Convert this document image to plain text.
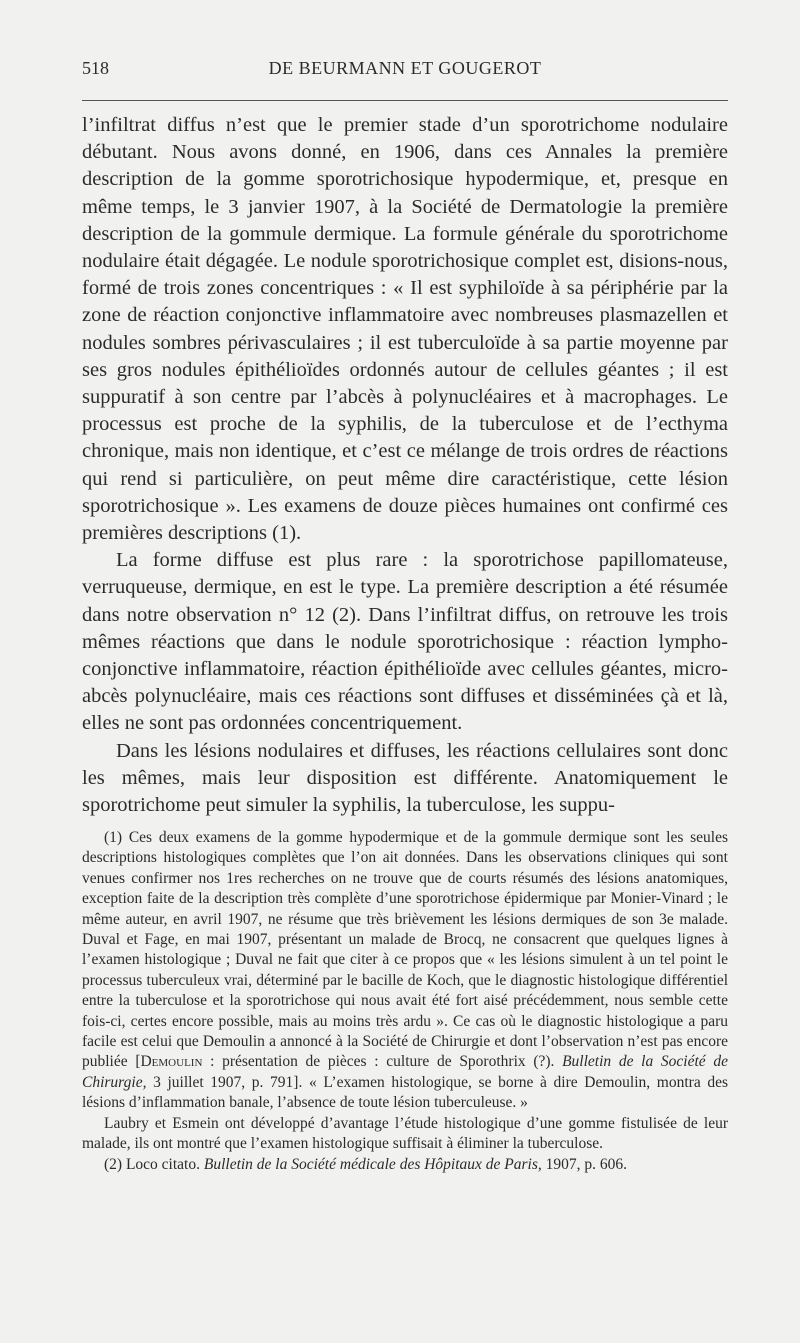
518	DE BEURMANN ET GOUGEROT

l’infiltrat diffus n’est que le premier stade d’un sporotrichome nodulaire débutant. Nous avons donné, en 1906, dans ces Annales la première description de la gomme sporotrichosique hypodermique, et, presque en même temps, le 3 janvier 1907, à la Société de Dermatologie la première description de la gommule dermique. La formule générale du sporotrichome nodulaire était dégagée. Le nodule sporotrichosique complet est, disions-nous, formé de trois zones concentriques : « Il est syphiloïde à sa périphérie par la zone de réaction conjonctive inflammatoire avec nombreuses plasmazellen et nodules sombres périvasculaires ; il est tuberculoïde à sa partie moyenne par ses gros nodules épithélioïdes ordonnés autour de cellules géantes ; il est suppuratif à son centre par l’abcès à polynucléaires et à macrophages. Le processus est proche de la syphilis, de la tuberculose et de l’ecthyma chronique, mais non identique, et c’est ce mélange de trois ordres de réactions qui rend si particulière, on peut même dire caractéristique, cette lésion sporotrichosique ». Les examens de douze pièces humaines ont confirmé ces premières descriptions (1).

La forme diffuse est plus rare : la sporotrichose papillomateuse, verruqueuse, dermique, en est le type. La première description a été résumée dans notre observation n° 12 (2). Dans l’infiltrat diffus, on retrouve les trois mêmes réactions que dans le nodule sporotrichosique : réaction lympho-conjonctive inflammatoire, réaction épithélioïde avec cellules géantes, micro-abcès polynucléaire, mais ces réactions sont diffuses et disséminées çà et là, elles ne sont pas ordonnées concentriquement.

Dans les lésions nodulaires et diffuses, les réactions cellulaires sont donc les mêmes, mais leur disposition est différente. Anatomiquement le sporotrichome peut simuler la syphilis, la tuberculose, les suppu-

(1) Ces deux examens de la gomme hypodermique et de la gommule dermique sont les seules descriptions histologiques complètes que l’on ait données. Dans les observations cliniques qui sont venues confirmer nos 1res recherches on ne trouve que de courts résumés des lésions anatomiques, exception faite de la description très complète d’une sporotrichose épidermique par Monier-Vinard ; le même auteur, en avril 1907, ne résume que très brièvement les lésions dermiques de son 3e malade. Duval et Fage, en mai 1907, présentant un malade de Brocq, ne consacrent que quelques lignes à l’examen histologique ; Duval ne fait que citer à ce propos que « les lésions simulent à un tel point le processus tuberculeux vrai, déterminé par le bacille de Koch, que le diagnostic histologique différentiel entre la tuberculose et la sporotrichose qui nous avait été fort aisé précédemment, nous semble cette fois-ci, certes encore possible, mais au moins très ardu ». Ce cas où le diagnostic histologique a paru facile est celui que Demoulin a annoncé à la Société de Chirurgie et dont l’observation n’est pas encore publiée [Demoulin : présentation de pièces : culture de Sporothrix (?). Bulletin de la Société de Chirurgie, 3 juillet 1907, p. 791]. « L’examen histologique, se borne à dire Demoulin, montra des lésions d’inflammation banale, l’absence de toute lésion tuberculeuse. »

Laubry et Esmein ont développé d’avantage l’étude histologique d’une gomme fistulisée de leur malade, ils ont montré que l’examen histologique suffisait à éliminer la tuberculose.

(2) Loco citato. Bulletin de la Société médicale des Hôpitaux de Paris, 1907, p. 606.
